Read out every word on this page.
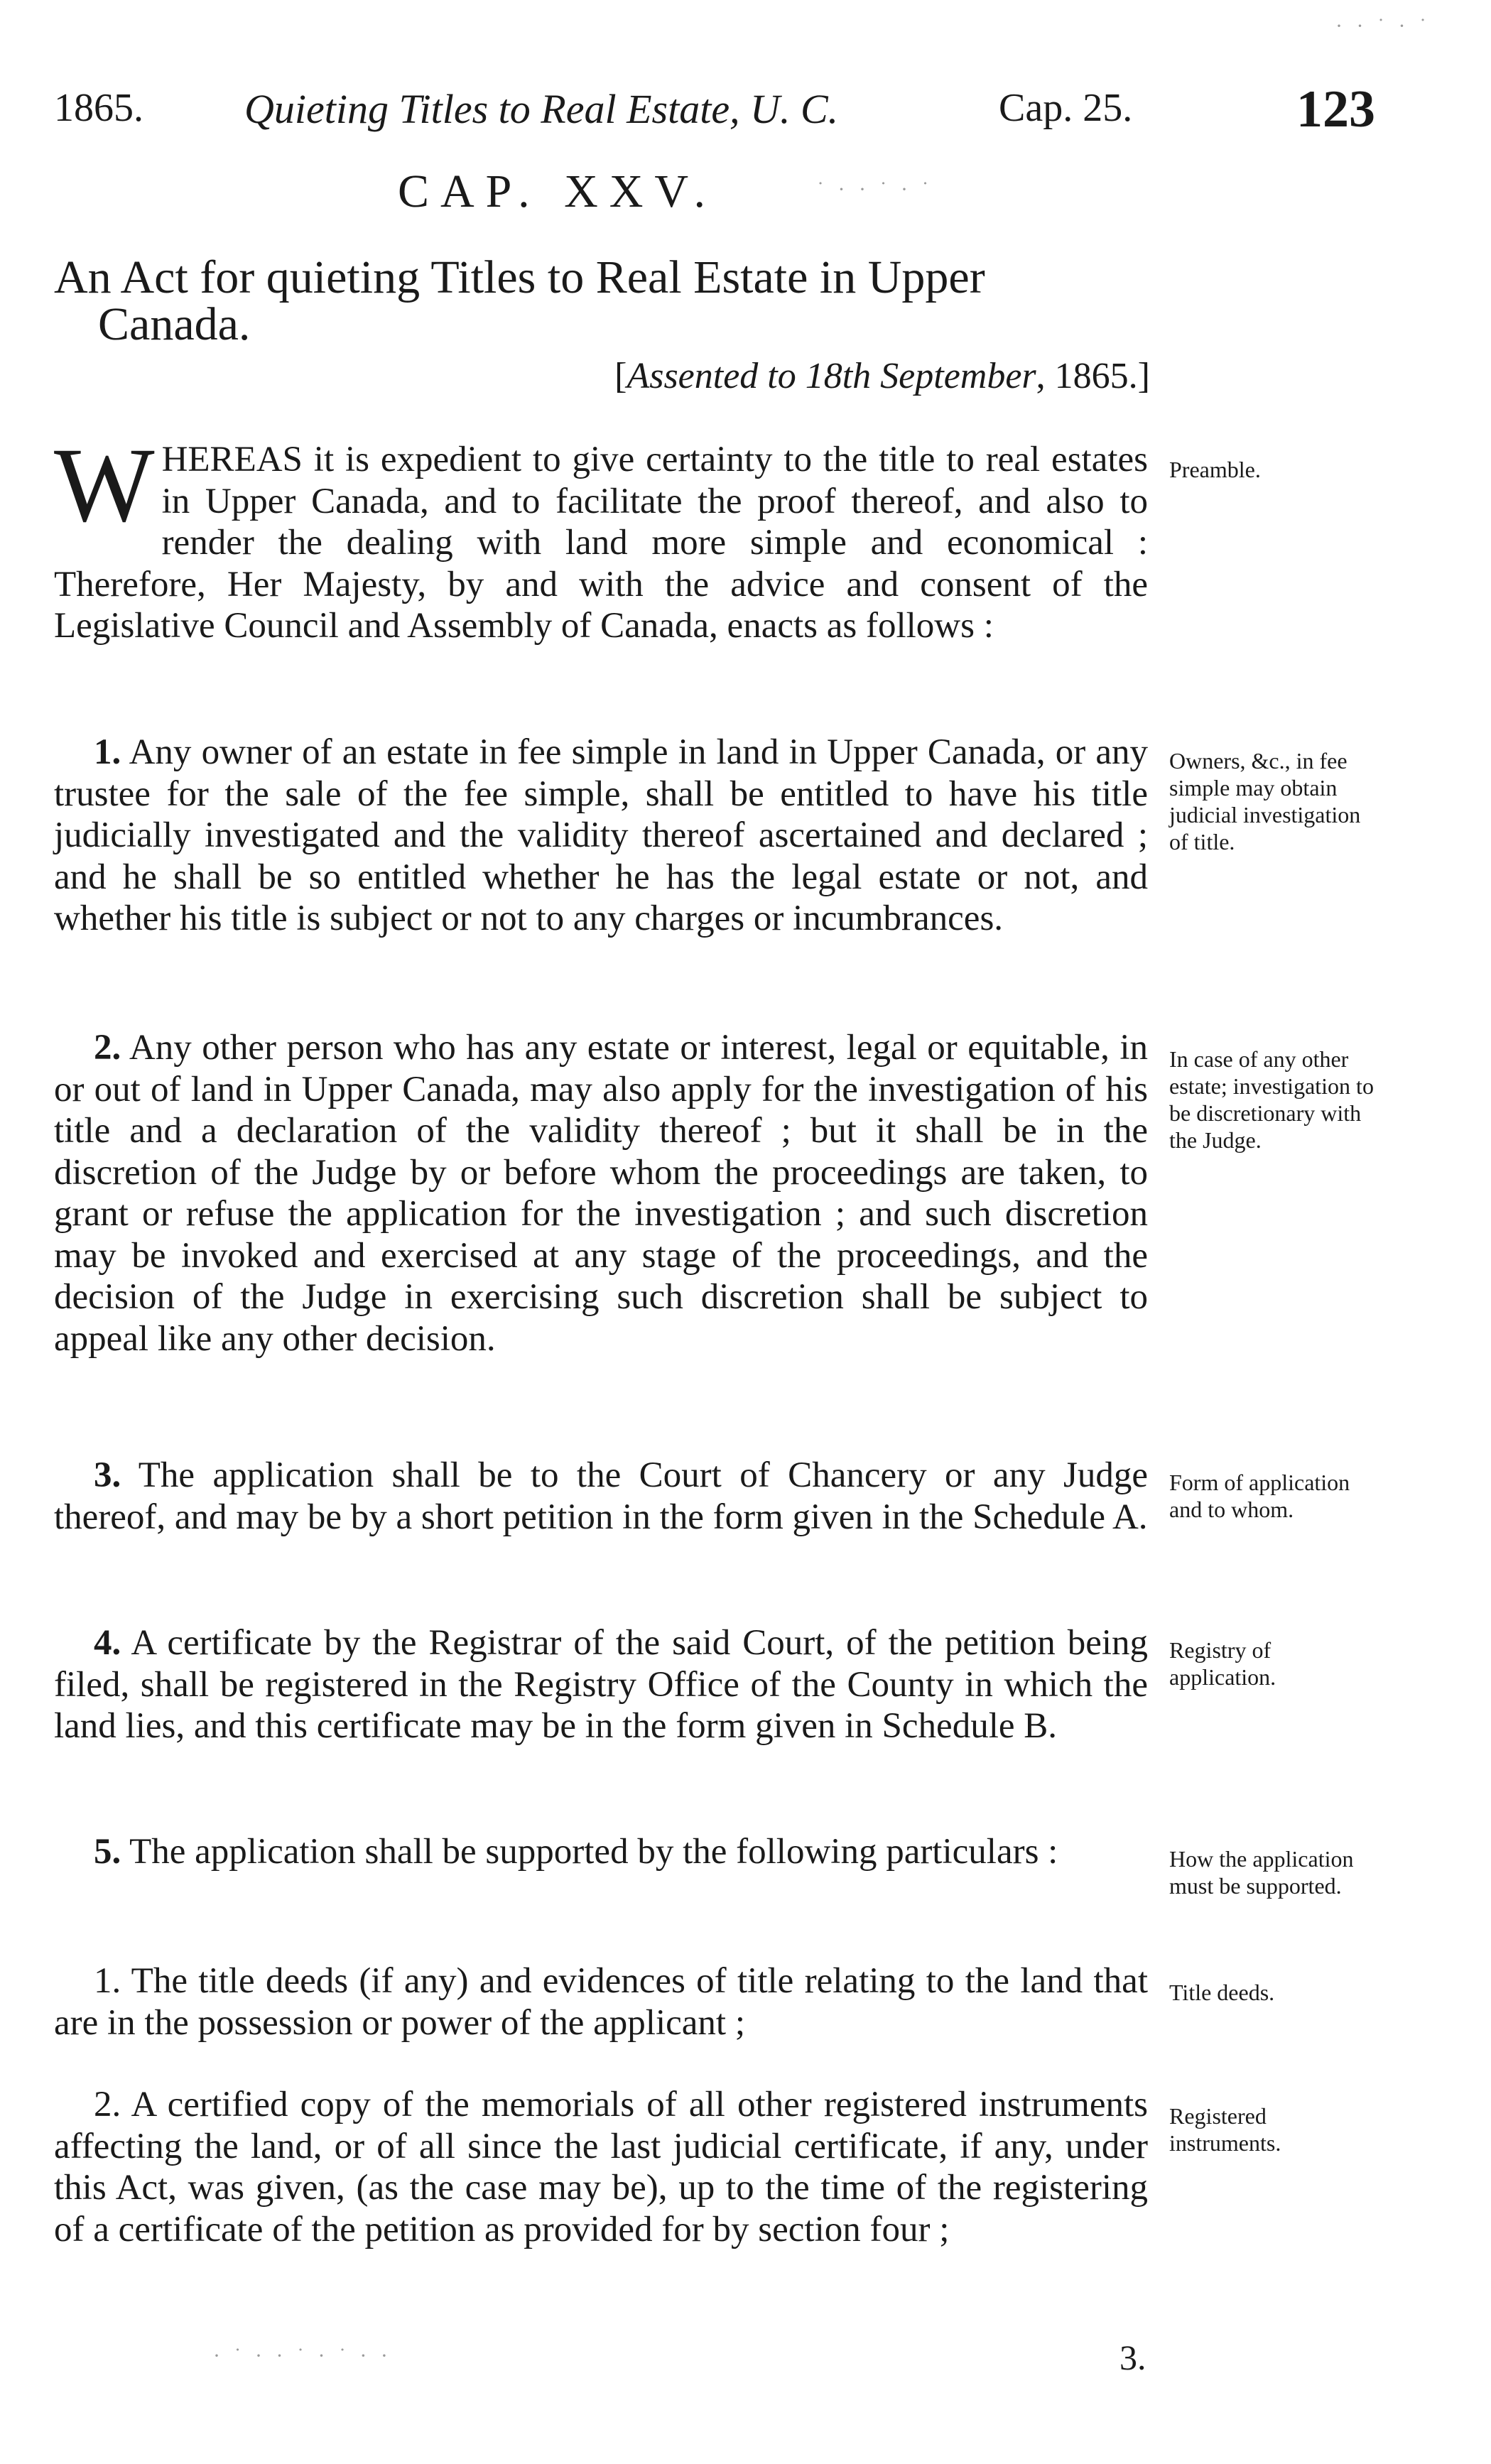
1865. Quieting Titles to Real Estate, U. C.	Cap. 25.	123
CAP. XXV.
An Act for quieting Titles to Real Estate in Upper
Canada.
[Assented to 18th September, 1865.]

WHEREAS it is expedient to give certainty to the title to real estates in Upper Canada, and to facilitate the proof thereof, and also to render the dealing with land more simple and economical : Therefore, Her Majesty, by and with the advice and consent of the Legislative Council and Assembly of Canada, enacts as follows :

Preamble.

1. Any owner of an estate in fee simple in land in Upper Canada, or any trustee for the sale of the fee simple, shall be entitled to have his title judicially investigated and the validity thereof ascertained and declared ; and he shall be so entitled whether he has the legal estate or not, and whether his title is subject or not to any charges or incumbrances.

Owners, &c., in fee simple may obtain judicial investigation of title.

2. Any other person who has any estate or interest, legal or equitable, in or out of land in Upper Canada, may also apply for the investigation of his title and a declaration of the validity thereof ; but it shall be in the discretion of the Judge by or before whom the proceedings are taken, to grant or refuse the application for the investigation ; and such discretion may be invoked and exercised at any stage of the proceedings, and the decision of the Judge in exercising such discretion shall be subject to appeal like any other decision.

In case of any other estate; investigation to be discretionary with the Judge.

3. The application shall be to the Court of Chancery or any Judge thereof, and may be by a short petition in the form given in the Schedule A.

Form of application and to whom.

4. A certificate by the Registrar of the said Court, of the petition being filed, shall be registered in the Registry Office of the County in which the land lies, and this certificate may be in the form given in Schedule B.

Registry of application.

5. The application shall be supported by the following particulars :	How the application must be supported.

1. The title deeds (if any) and evidences of title relating to the land that are in the possession or power of the applicant ;

Title deeds.

2. A certified copy of the memorials of all other registered instruments affecting the land, or of all since the last judicial certificate, if any, under this Act, was given, (as the case may be), up to the time of the registering of a certificate of the petition as provided for by section four ;

Registered instruments.
3.
· · ˙ · ˙
˙ · · ˙ · ˙
· ˙ · · ˙ · ˙ · ·
